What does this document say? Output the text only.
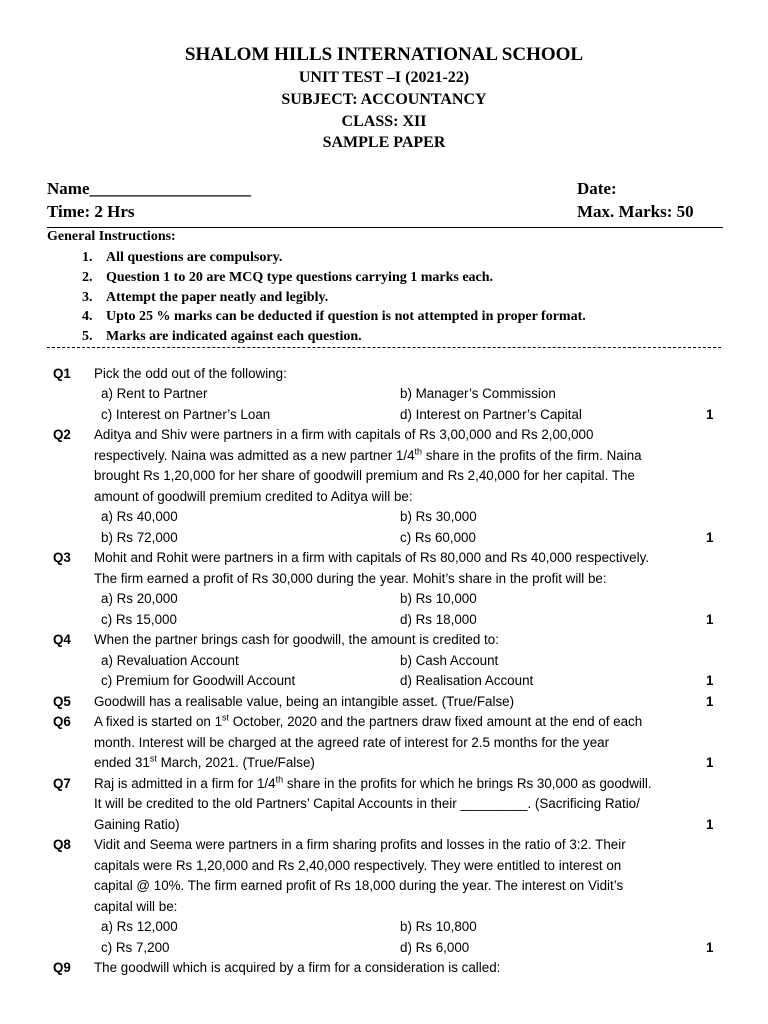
SHALOM HILLS INTERNATIONAL SCHOOL
UNIT TEST –I (2021-22)
SUBJECT: ACCOUNTANCY
CLASS: XII
SAMPLE PAPER
Name___________________	Date:
Time: 2 Hrs	Max. Marks: 50
General Instructions:
1. All questions are compulsory.
2. Question 1 to 20 are MCQ type questions carrying 1 marks each.
3. Attempt the paper neatly and legibly.
4. Upto 25 % marks can be deducted if question is not attempted in proper format.
5. Marks are indicated against each question.
Q1 Pick the odd out of the following:
a) Rent to Partner	b) Manager’s Commission
c) Interest on Partner’s Loan	d) Interest on Partner’s Capital	1
Q2 Aditya and Shiv were partners in a firm with capitals of Rs 3,00,000 and Rs 2,00,000
respectively. Naina was admitted as a new partner 1/4th share in the profits of the firm. Naina
brought Rs 1,20,000 for her share of goodwill premium and Rs 2,40,000 for her capital. The
amount of goodwill premium credited to Aditya will be:
a) Rs 40,000	b) Rs 30,000
b) Rs 72,000	c) Rs 60,000	1
Q3 Mohit and Rohit were partners in a firm with capitals of Rs 80,000 and Rs 40,000 respectively.
The firm earned a profit of Rs 30,000 during the year. Mohit’s share in the profit will be:
a) Rs 20,000	b) Rs 10,000
c) Rs 15,000	d) Rs 18,000	1
Q4 When the partner brings cash for goodwill, the amount is credited to:
a) Revaluation Account	b) Cash Account
c) Premium for Goodwill Account	d) Realisation Account	1
Q5 Goodwill has a realisable value, being an intangible asset. (True/False)	1
Q6 A fixed is started on 1st October, 2020 and the partners draw fixed amount at the end of each
month. Interest will be charged at the agreed rate of interest for 2.5 months for the year
ended 31st March, 2021. (True/False)	1
Q7 Raj is admitted in a firm for 1/4th share in the profits for which he brings Rs 30,000 as goodwill.
It will be credited to the old Partners’ Capital Accounts in their _________. (Sacrificing Ratio/
Gaining Ratio)	1
Q8 Vidit and Seema were partners in a firm sharing profits and losses in the ratio of 3:2. Their
capitals were Rs 1,20,000 and Rs 2,40,000 respectively. They were entitled to interest on
capital @ 10%. The firm earned profit of Rs 18,000 during the year. The interest on Vidit’s
capital will be:
a) Rs 12,000	b) Rs 10,800
c) Rs 7,200	d) Rs 6,000	1
Q9 The goodwill which is acquired by a firm for a consideration is called:
